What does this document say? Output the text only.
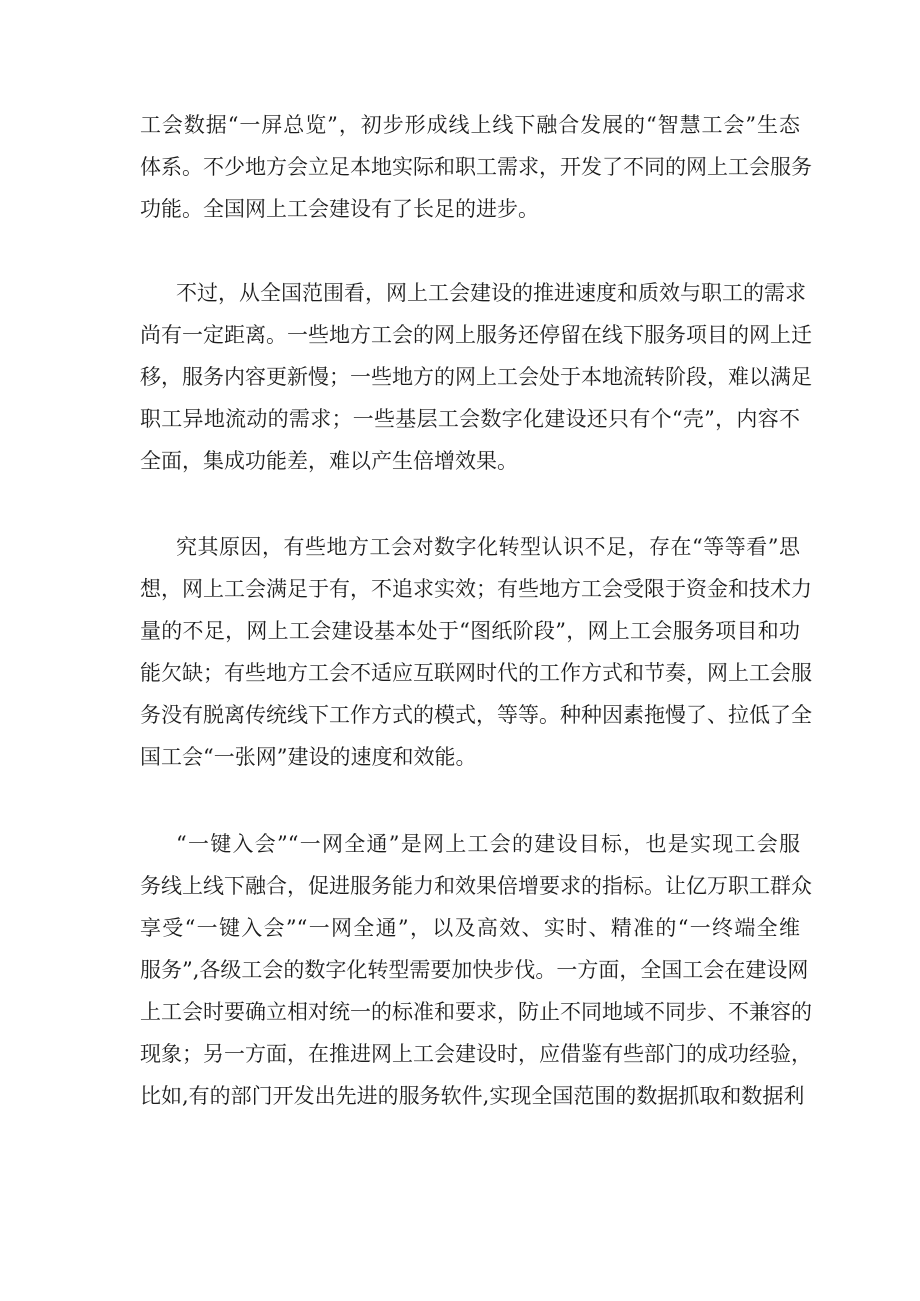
工会数据“一屏总览”，初步形成线上线下融合发展的“智慧工会”生态
体系。不少地方会立足本地实际和职工需求，开发了不同的网上工会服务
功能。全国网上工会建设有了长足的进步。
不过，从全国范围看，网上工会建设的推进速度和质效与职工的需求
尚有一定距离。一些地方工会的网上服务还停留在线下服务项目的网上迁
移，服务内容更新慢；一些地方的网上工会处于本地流转阶段，难以满足
职工异地流动的需求；一些基层工会数字化建设还只有个“壳”，内容不
全面，集成功能差，难以产生倍增效果。
究其原因，有些地方工会对数字化转型认识不足，存在“等等看”思
想，网上工会满足于有，不追求实效；有些地方工会受限于资金和技术力
量的不足，网上工会建设基本处于“图纸阶段”，网上工会服务项目和功
能欠缺；有些地方工会不适应互联网时代的工作方式和节奏，网上工会服
务没有脱离传统线下工作方式的模式，等等。种种因素拖慢了、拉低了全
国工会“一张网”建设的速度和效能。
“一键入会”“一网全通”是网上工会的建设目标，也是实现工会服
务线上线下融合，促进服务能力和效果倍增要求的指标。让亿万职工群众
享受“一键入会”“一网全通”，以及高效、实时、精准的“一终端全维
服务”,各级工会的数字化转型需要加快步伐。一方面，全国工会在建设网
上工会时要确立相对统一的标准和要求，防止不同地域不同步、不兼容的
现象；另一方面，在推进网上工会建设时，应借鉴有些部门的成功经验，
比如,有的部门开发出先进的服务软件,实现全国范围的数据抓取和数据利
